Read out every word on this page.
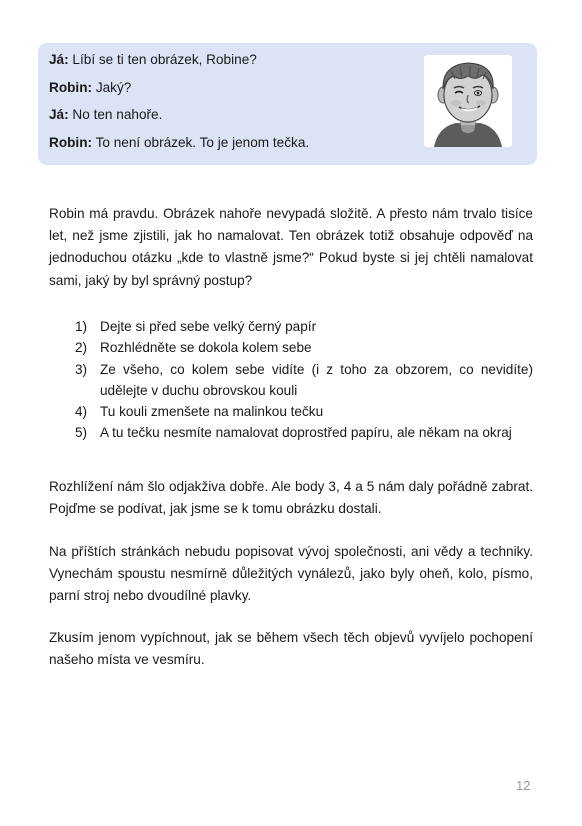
Já: Líbí se ti ten obrázek, Robine?
Robin: Jaký?
Já: No ten nahoře.
Robin: To není obrázek. To je jenom tečka.

Robin má pravdu. Obrázek nahoře nevypadá složitě. A přesto nám trvalo tisíce let, než jsme zjistili, jak ho namalovat. Ten obrázek totiž obsahuje odpověď na jednoduchou otázku „kde to vlastně jsme?“ Pokud byste si jej chtěli namalovat sami, jaký by byl správný postup?

1) Dejte si před sebe velký černý papír
2) Rozhlédněte se dokola kolem sebe
3) Ze všeho, co kolem sebe vidíte (i z toho za obzorem, co nevidíte) udělejte v duchu obrovskou kouli
4) Tu kouli zmenšete na malinkou tečku
5) A tu tečku nesmíte namalovat doprostřed papíru, ale někam na okraj

Rozhlížení nám šlo odjakživa dobře. Ale body 3, 4 a 5 nám daly pořádně zabrat. Pojďme se podívat, jak jsme se k tomu obrázku dostali.

Na příštích stránkách nebudu popisovat vývoj společnosti, ani vědy a techniky. Vynechám spoustu nesmírně důležitých vynálezů, jako byly oheň, kolo, písmo, parní stroj nebo dvoudílné plavky.

Zkusím jenom vypíchnout, jak se během všech těch objevů vyvíjelo pochopení našeho místa ve vesmíru.

12
